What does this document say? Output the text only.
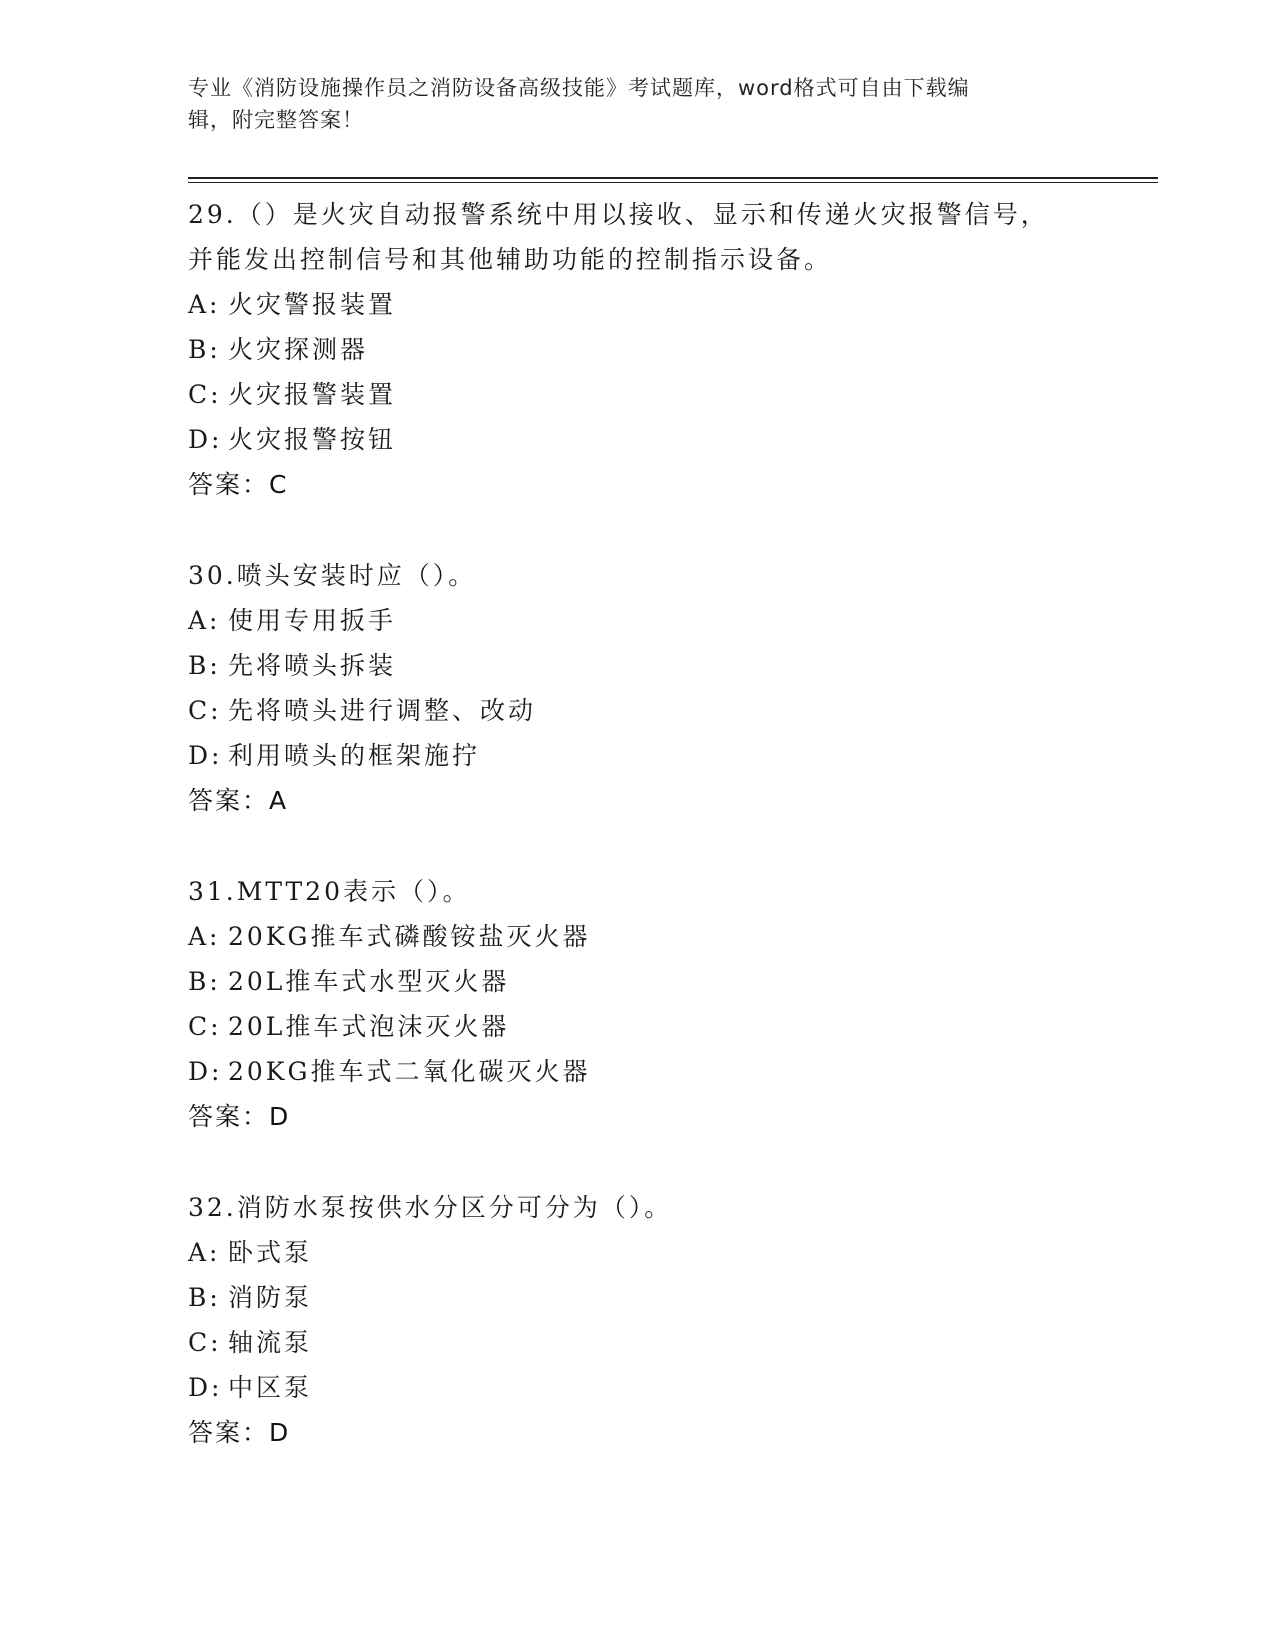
专业《消防设施操作员之消防设备高级技能》考试题库，word格式可自由下载编
辑，附完整答案！
29.（）是火灾自动报警系统中用以接收、显示和传递火灾报警信号，
并能发出控制信号和其他辅助功能的控制指示设备。
A: 火灾警报装置
B: 火灾探测器
C: 火灾报警装置
D: 火灾报警按钮
答案：C
30.喷头安装时应（）。
A: 使用专用扳手
B: 先将喷头拆装
C: 先将喷头进行调整、改动
D: 利用喷头的框架施拧
答案：A
31.MTT20表示（）。
A: 20KG推车式磷酸铵盐灭火器
B: 20L推车式水型灭火器
C: 20L推车式泡沫灭火器
D: 20KG推车式二氧化碳灭火器
答案：D
32.消防水泵按供水分区分可分为（）。
A: 卧式泵
B: 消防泵
C: 轴流泵
D: 中区泵
答案：D
